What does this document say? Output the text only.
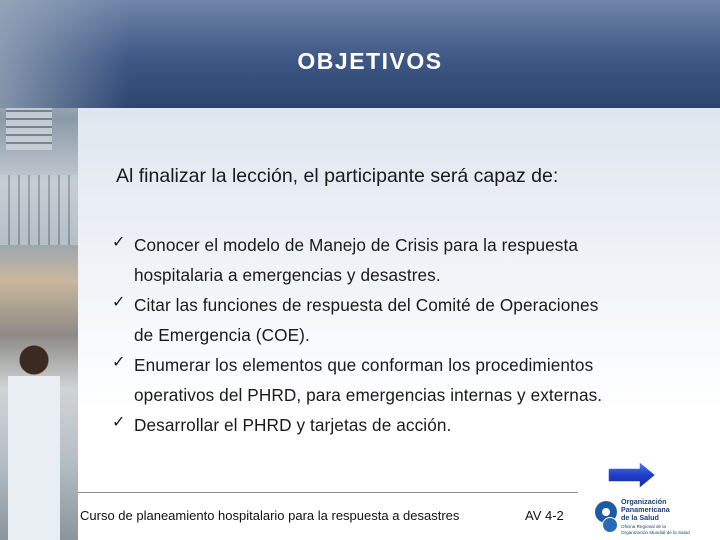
OBJETIVOS
Al finalizar la lección, el participante será capaz de:
✓ Conocer el modelo de Manejo de Crisis para la respuesta
hospitalaria a emergencias y desastres.
✓ Citar las funciones de respuesta del Comité de Operaciones
de Emergencia (COE).
✓ Enumerar los elementos que conforman los procedimientos
operativos del PHRD, para emergencias internas y externas.
✓ Desarrollar el PHRD y tarjetas de acción.
Curso de planeamiento hospitalario para la respuesta a desastres	AV 4-2
Organización
Panamericana
de la Salud
Oficina Regional de la
Organización Mundial de la Salud
